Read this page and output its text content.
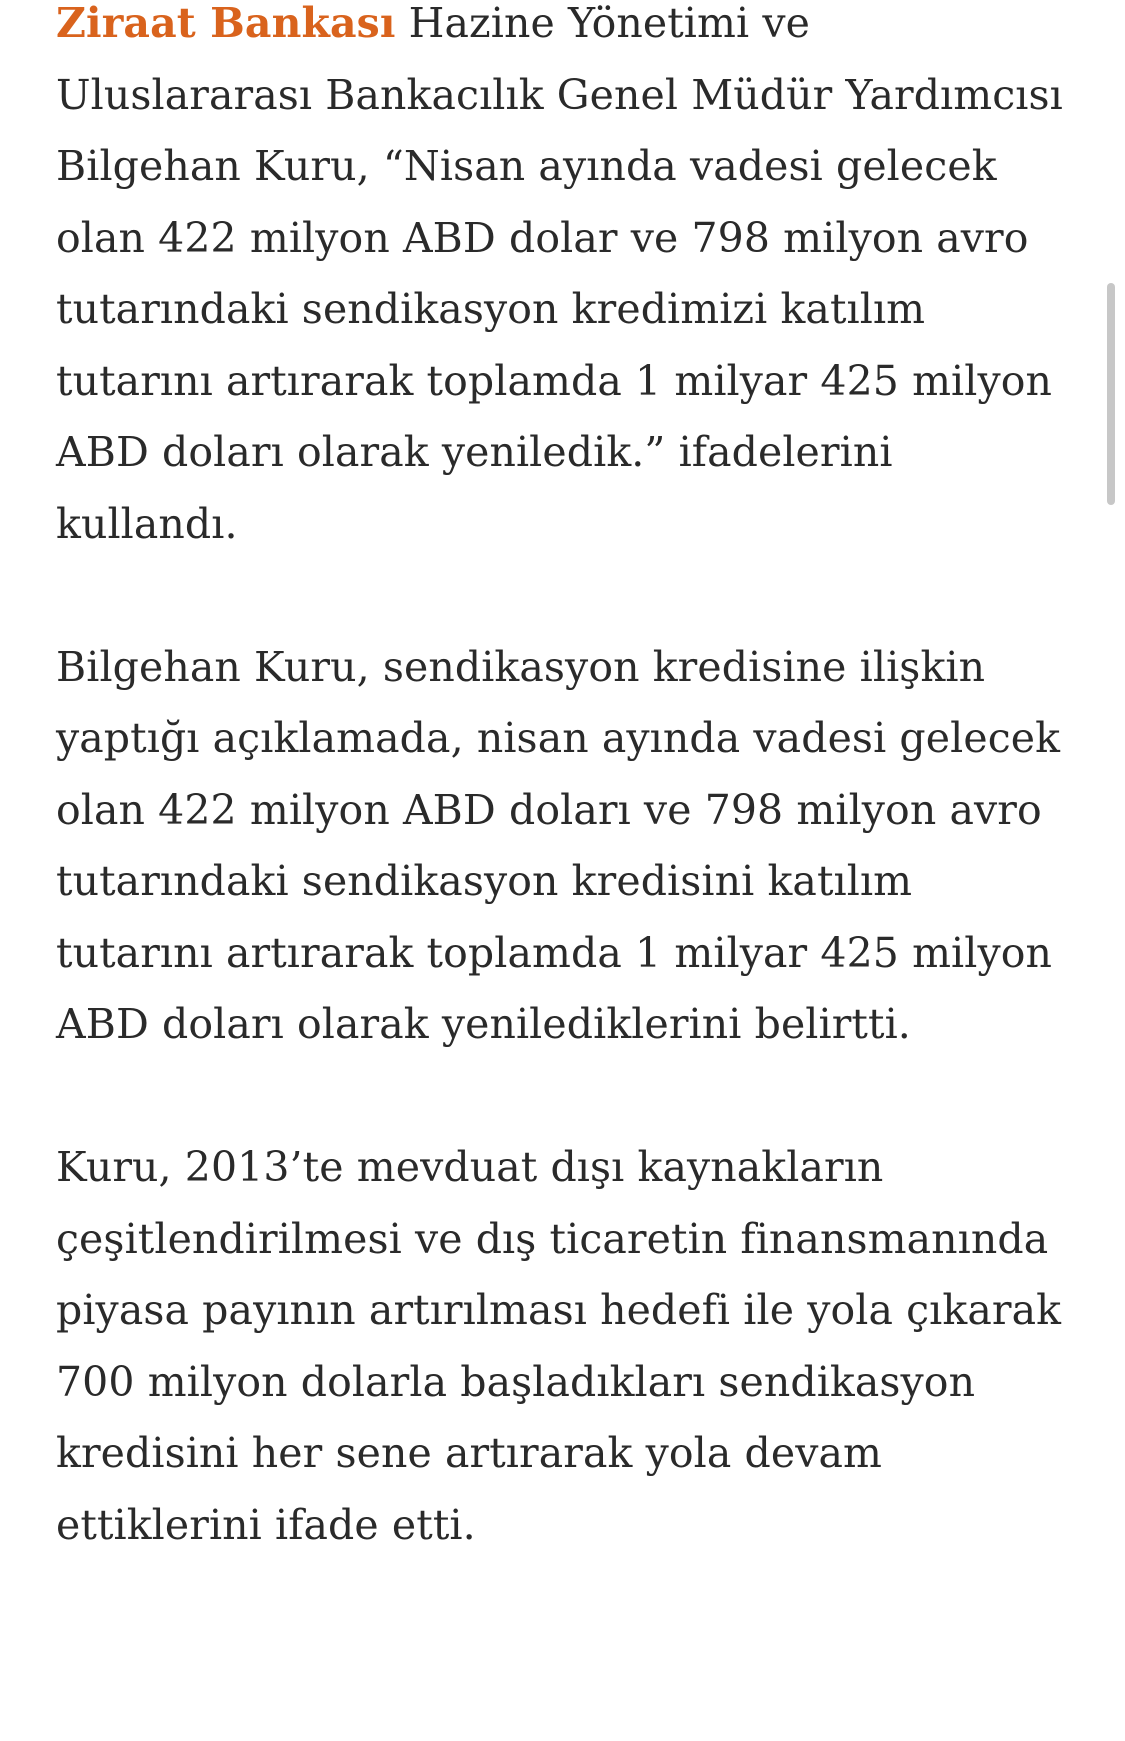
Ziraat Bankası Hazine Yönetimi ve Uluslararası Bankacılık Genel Müdür Yardımcısı Bilgehan Kuru, “Nisan ayında vadesi gelecek olan 422 milyon ABD dolar ve 798 milyon avro tutarındaki sendikasyon kredimizi katılım tutarını artırarak toplamda 1 milyar 425 milyon ABD doları olarak yeniledik.” ifadelerini kullandı.

Bilgehan Kuru, sendikasyon kredisine ilişkin yaptığı açıklamada, nisan ayında vadesi gelecek olan 422 milyon ABD doları ve 798 milyon avro tutarındaki sendikasyon kredisini katılım tutarını artırarak toplamda 1 milyar 425 milyon ABD doları olarak yenilediklerini belirtti.

Kuru, 2013’te mevduat dışı kaynakların çeşitlendirilmesi ve dış ticaretin finansmanında piyasa payının artırılması hedefi ile yola çıkarak 700 milyon dolarla başladıkları sendikasyon kredisini her sene artırarak yola devam ettiklerini ifade etti.
